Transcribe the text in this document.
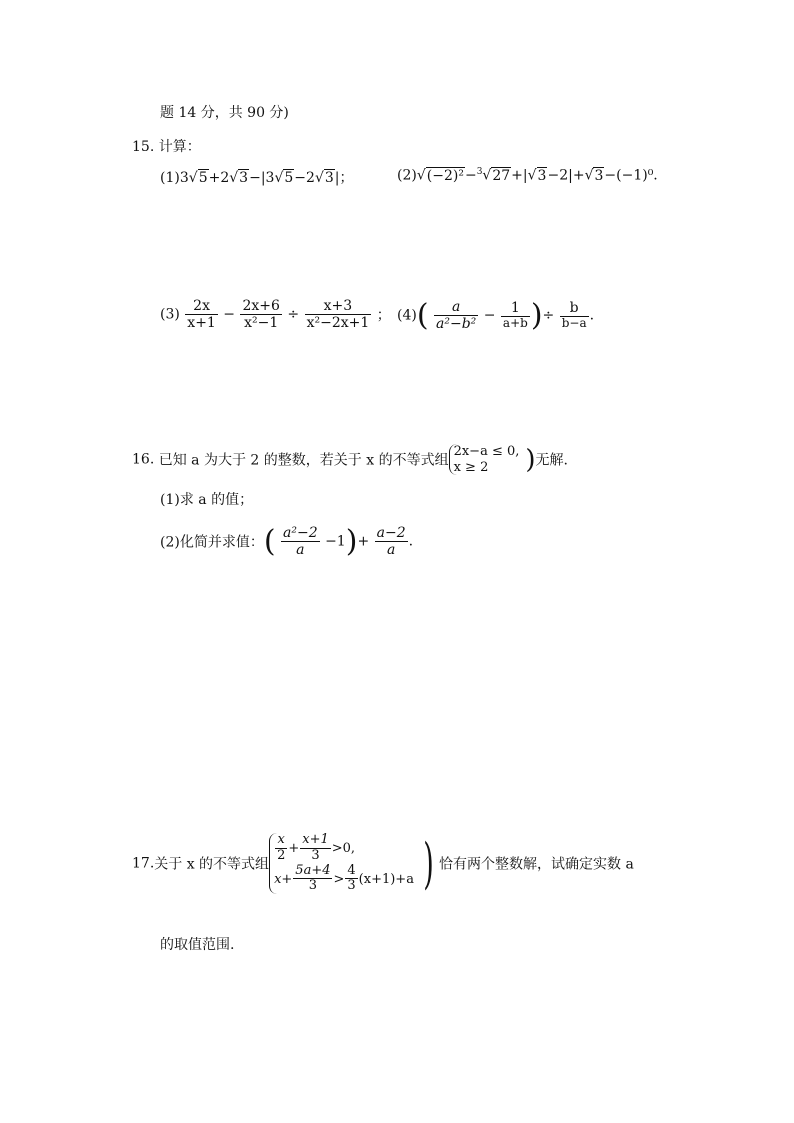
题 14 分，共 90 分)
15. 计算：
(1)3√5+2√3−|3√5−2√3|；	(2)√(−2)²−$^3$√27+|√3−2|+√3−(−1)⁰.
$(3) \frac{2x}{x+1} - \frac{2x+6}{\text{x²−1}} \div \frac{x+3}{\text{x²−2x+1}}$ ； $(4)( \frac{a}{\text{a²−b²}} - \frac{1}{a+b}$ )÷ $\frac{b}{b-a}$ .
16. 已知 a 为大于 2 的整数，若关于 x 的不等式组
2x−a ≤ 0,
x ≥ 2	)无解.
(1)求 a 的值；
(2)化简并求值：( $\frac{\text{a²−2}}{a} -1)+ \frac{a-2}{a}$ .
17.关于 x 的不等式组
$\frac{x}{2} + \frac{x+1}{3} >0$,
$x+ \frac{5a+4}{3} > \frac{4}{3} (x+1)+a$ ) 恰有两个整数解，试确定实数 a
的取值范围.
